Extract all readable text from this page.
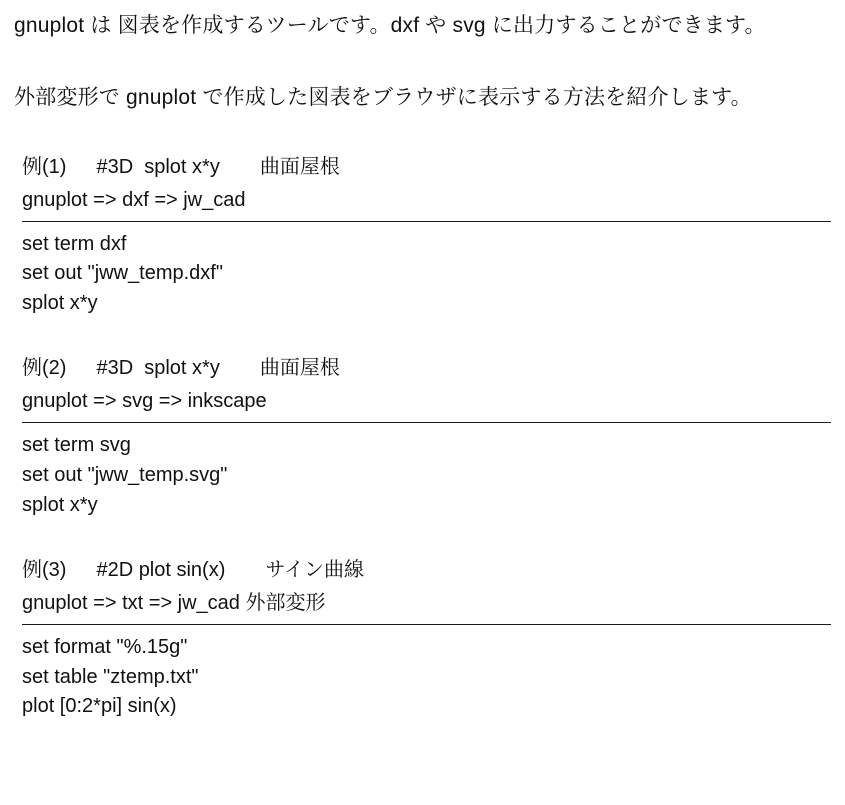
gnuplot は 図表を作成するツールです。dxf や svg に出力することができます。

外部変形で gnuplot で作成した図表をブラウザに表示する方法を紹介します。

例(1)  #3D  splot x*y  曲面屋根
gnuplot => dxf => jw_cad
set term dxf
set out "jww_temp.dxf"
splot x*y
例(2)  #3D  splot x*y  曲面屋根
gnuplot => svg => inkscape
set term svg
set out "jww_temp.svg"
splot x*y
例(3)  #2D plot sin(x)  サイン曲線
gnuplot => txt => jw_cad 外部変形
set format "%.15g"
set table "ztemp.txt"
plot [0:2*pi] sin(x)
